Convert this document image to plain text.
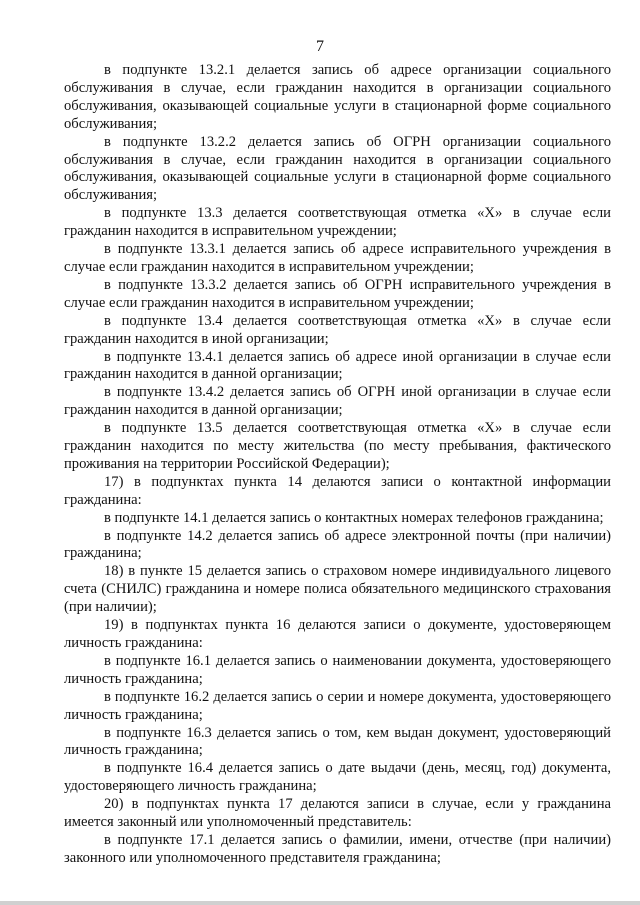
7

в подпункте 13.2.1 делается запись об адресе организации социального обслуживания в случае, если гражданин находится в организации социального обслуживания, оказывающей социальные услуги в стационарной форме социального обслуживания;

в подпункте 13.2.2 делается запись об ОГРН организации социального обслуживания в случае, если гражданин находится в организации социального обслуживания, оказывающей социальные услуги в стационарной форме социального обслуживания;

в подпункте 13.3 делается соответствующая отметка «Х» в случае если гражданин находится в исправительном учреждении;

в подпункте 13.3.1 делается запись об адресе исправительного учреждения в случае если гражданин находится в исправительном учреждении;

в подпункте 13.3.2 делается запись об ОГРН исправительного учреждения в случае если гражданин находится в исправительном учреждении;

в подпункте 13.4 делается соответствующая отметка «Х» в случае если гражданин находится в иной организации;

в подпункте 13.4.1 делается запись об адресе иной организации в случае если гражданин находится в данной организации;

в подпункте 13.4.2 делается запись об ОГРН иной организации в случае если гражданин находится в данной организации;

в подпункте 13.5 делается соответствующая отметка «Х» в случае если гражданин находится по месту жительства (по месту пребывания, фактического проживания на территории Российской Федерации);

17) в подпунктах пункта 14 делаются записи о контактной информации гражданина:

в подпункте 14.1 делается запись о контактных номерах телефонов гражданина;

в подпункте 14.2 делается запись об адресе электронной почты (при наличии) гражданина;

18) в пункте 15 делается запись о страховом номере индивидуального лицевого счета (СНИЛС) гражданина и номере полиса обязательного медицинского страхования (при наличии);

19) в подпунктах пункта 16 делаются записи о документе, удостоверяющем личность гражданина:

в подпункте 16.1 делается запись о наименовании документа, удостоверяющего личность гражданина;

в подпункте 16.2 делается запись о серии и номере документа, удостоверяющего личность гражданина;

в подпункте 16.3 делается запись о том, кем выдан документ, удостоверяющий личность гражданина;

в подпункте 16.4 делается запись о дате выдачи (день, месяц, год) документа, удостоверяющего личность гражданина;

20) в подпунктах пункта 17 делаются записи в случае, если у гражданина имеется законный или уполномоченный представитель:

в подпункте 17.1 делается запись о фамилии, имени, отчестве (при наличии) законного или уполномоченного представителя гражданина;
